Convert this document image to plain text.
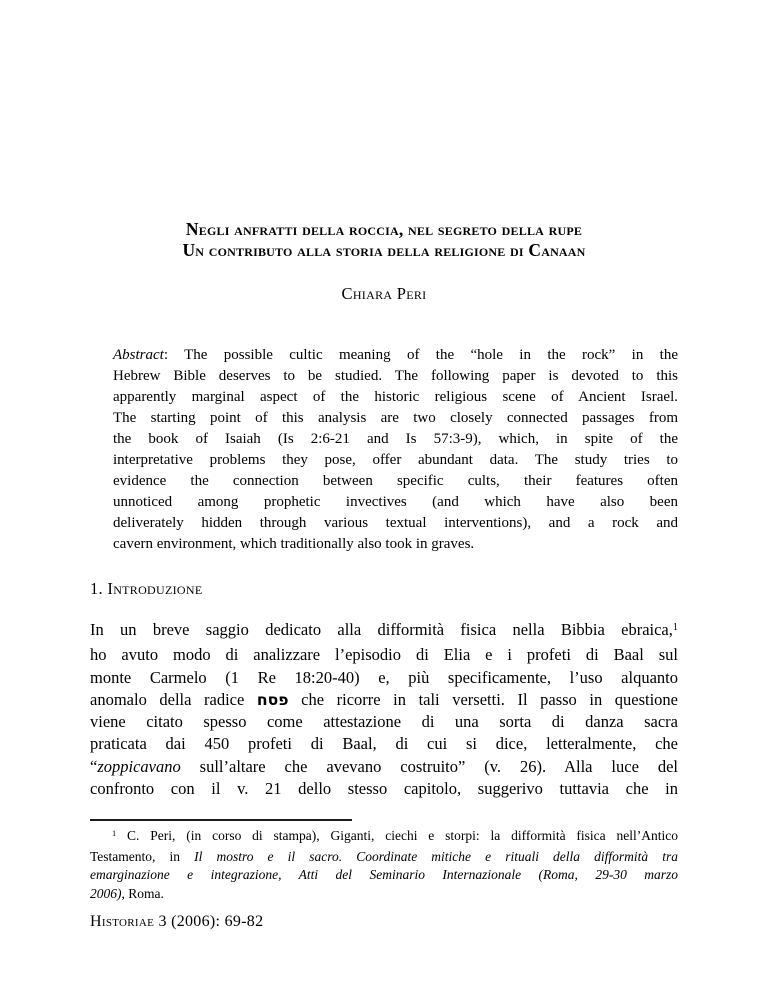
Negli anfratti della roccia, nel segreto della rupe
Un contributo alla storia della religione di Canaan
Chiara Peri
Abstract: The possible cultic meaning of the “hole in the rock” in the
Hebrew Bible deserves to be studied. The following paper is devoted to this
apparently marginal aspect of the historic religious scene of Ancient Israel.
The starting point of this analysis are two closely connected passages from
the book of Isaiah (Is 2:6-21 and Is 57:3-9), which, in spite of the
interpretative problems they pose, offer abundant data. The study tries to
evidence the connection between specific cults, their features often
unnoticed among prophetic invectives (and which have also been
deliverately hidden through various textual interventions), and a rock and
cavern environment, which traditionally also took in graves.
1. Introduzione
In un breve saggio dedicato alla difformità fisica nella Bibbia ebraica,$^1$
ho avuto modo di analizzare l’episodio di Elia e i profeti di Baal sul
monte Carmelo (1 Re 18:20-40) e, più specificamente, l’uso alquanto
anomalo della radice פסח che ricorre in tali versetti. Il passo in questione
viene citato spesso come attestazione di una sorta di danza sacra
praticata dai 450 profeti di Baal, di cui si dice, letteralmente, che
“zoppicavano sull’altare che avevano costruito” (v. 26). Alla luce del
confronto con il v. 21 dello stesso capitolo, suggerivo tuttavia che in
$^1$ C. Peri, (in corso di stampa), Giganti, ciechi e storpi: la difformità fisica nell’Antico
Testamento, in Il mostro e il sacro. Coordinate mitiche e rituali della difformità tra
emarginazione e integrazione, Atti del Seminario Internazionale (Roma, 29-30 marzo
2006), Roma.
Historiae 3 (2006): 69-82
